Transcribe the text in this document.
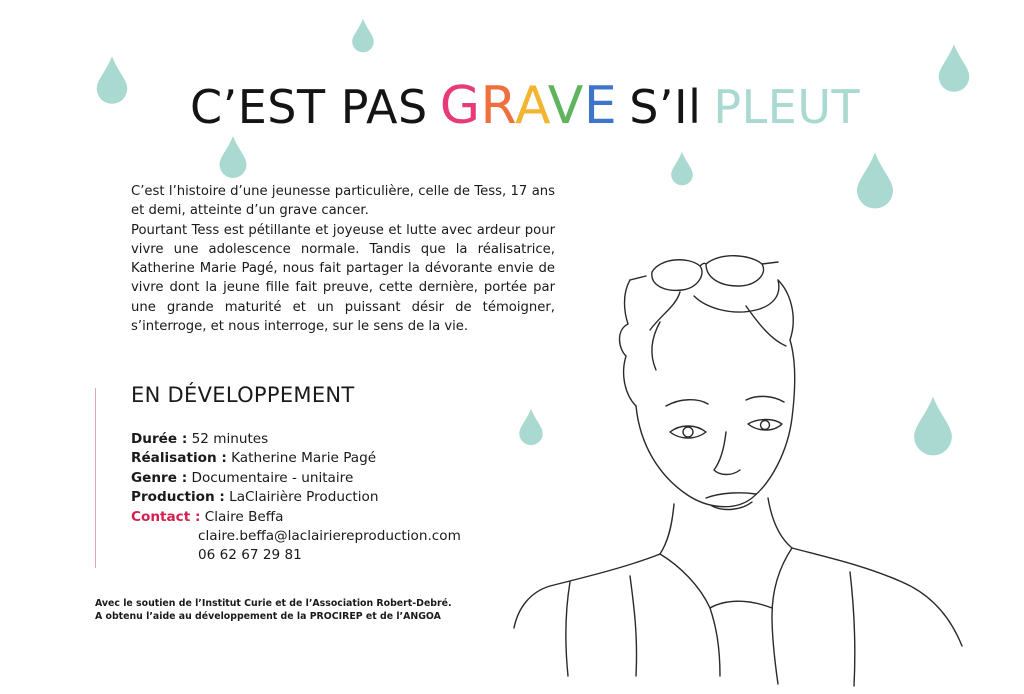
C’EST PAS GRAVE S’Il PLEUT

C’est l’histoire d’une jeunesse particulière, celle de Tess, 17 ans et demi, atteinte d’un grave cancer.

Pourtant Tess est pétillante et joyeuse et lutte avec ardeur pour vivre une adolescence normale. Tandis que la réalisatrice, Katherine Marie Pagé, nous fait partager la dévorante envie de vivre dont la jeune fille fait preuve, cette dernière, portée par une grande maturité et un puissant désir de témoigner, s’interroge, et nous interroge, sur le sens de la vie.

EN DÉVELOPPEMENT
Durée : 52 minutes
Réalisation : Katherine Marie Pagé
Genre : Documentaire - unitaire
Production : LaClairière Production
Contact : Claire Beffa
claire.beffa@laclairiereproduction.com
06 62 67 29 81
Avec le soutien de l’Institut Curie et de l’Association Robert-Debré.
A obtenu l’aide au développement de la PROCIREP et de l’ANGOA
